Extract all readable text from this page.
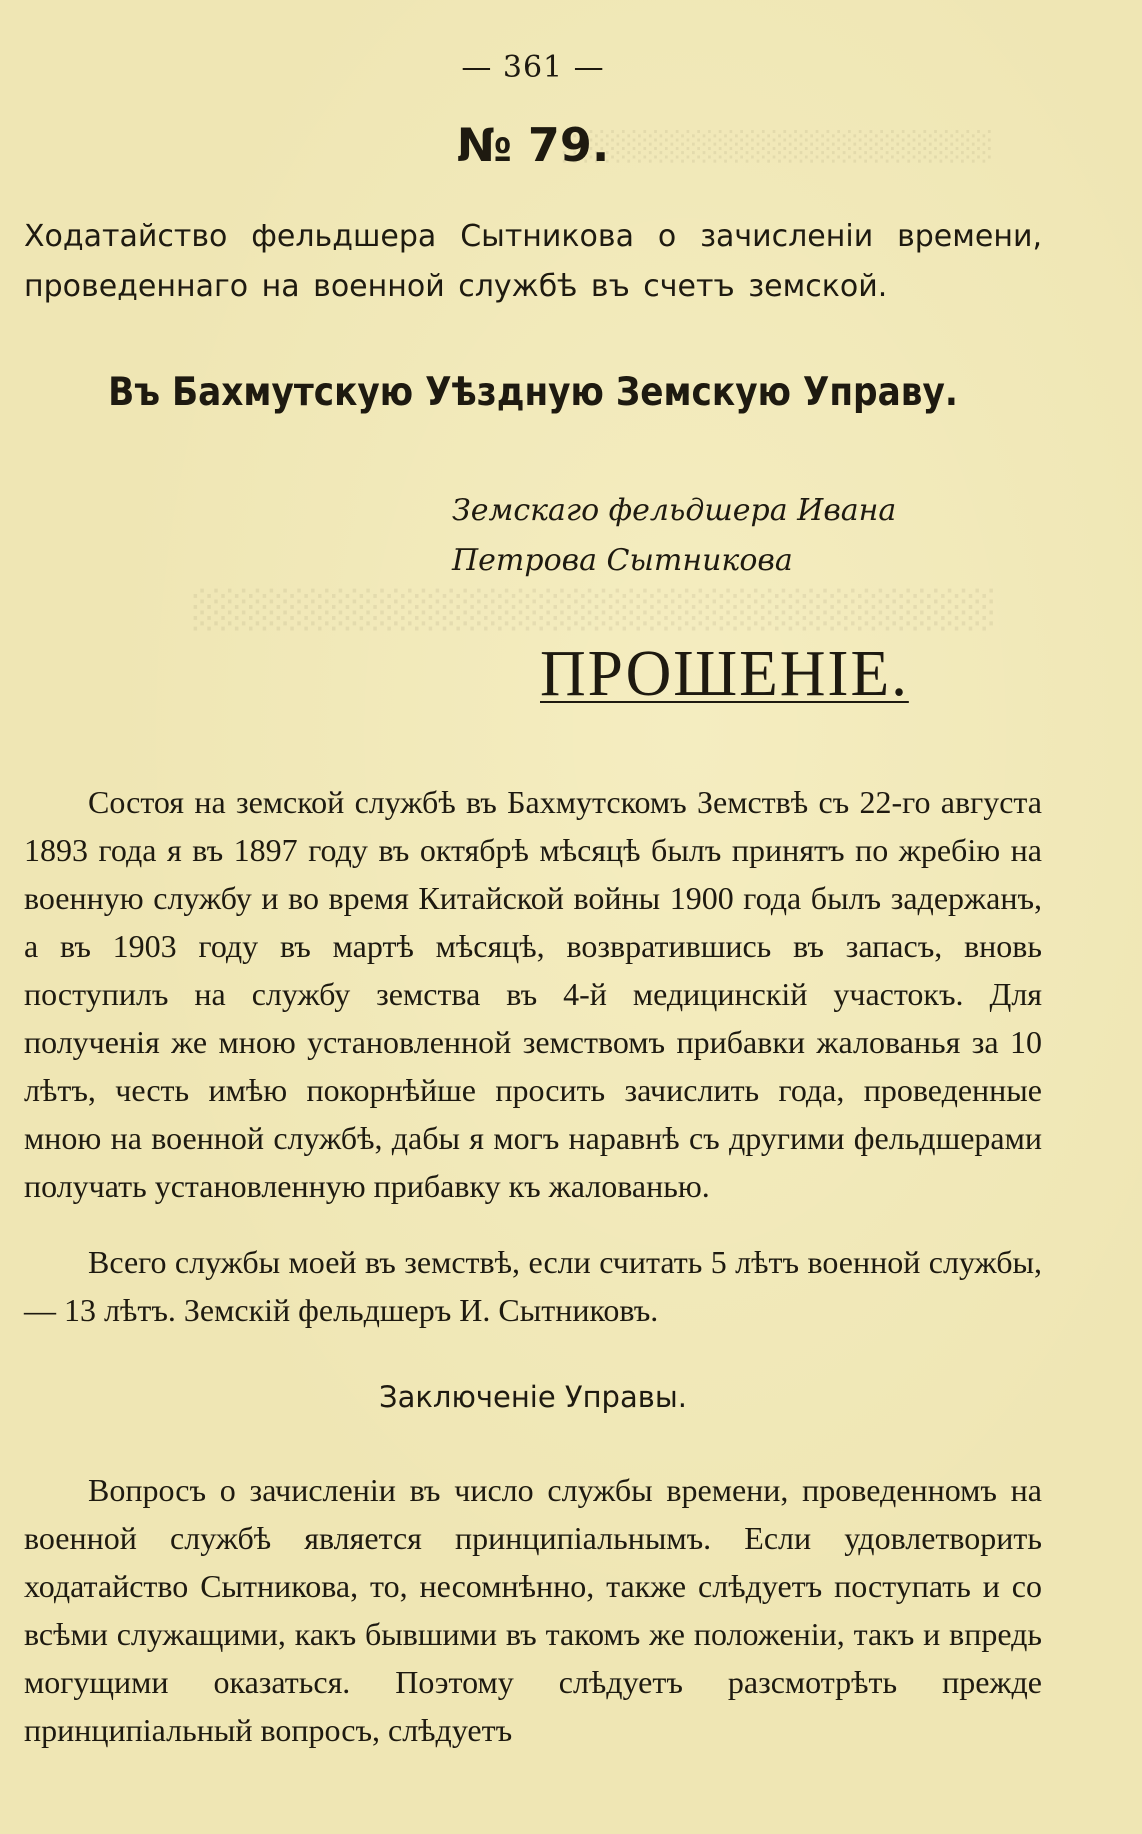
░░░░░░░░░░░░░░░░░░░░
░░░░░░░░░░░░░░░░░░░░░░░░░░░░░
— 361 —
№ 79.
Ходатайство фельдшера Сытникова о зачисленіи времени, проведеннаго на военной службѣ въ счетъ земской.
Въ Бахмутскую Уѣздную Земскую Управу.
Земскаго фельдшера Ивана Петрова Сытникова
ПРОШЕНІЕ.

Состоя на земской службѣ въ Бахмутскомъ Земствѣ съ 22-го августа 1893 года я въ 1897 году въ октябрѣ мѣсяцѣ былъ принятъ по жребію на военную службу и во время Китайской войны 1900 года былъ задержанъ, а въ 1903 году въ мартѣ мѣсяцѣ, возвратившись въ запасъ, вновь поступилъ на службу земства въ 4-й медицинскій участокъ. Для полученія же мною установленной земствомъ прибавки жалованья за 10 лѣтъ, честь имѣю покорнѣйше просить зачислить года, проведенные мною на военной службѣ, дабы я могъ наравнѣ съ другими фельдшерами получать установленную прибавку къ жалованью.

Всего службы моей въ земствѣ, если считать 5 лѣтъ военной службы, — 13 лѣтъ. Земскій фельдшеръ И. Сытниковъ.

Заключеніе Управы.

Вопросъ о зачисленіи въ число службы времени, проведенномъ на военной службѣ является принципіальнымъ. Если удовлетворить ходатайство Сытникова, то, несомнѣнно, также слѣдуетъ поступать и со всѣми служащими, какъ бывшими въ такомъ же положеніи, такъ и впредь могущими оказаться. Поэтому слѣдуетъ разсмотрѣть прежде принципіальный вопросъ, слѣдуетъ
